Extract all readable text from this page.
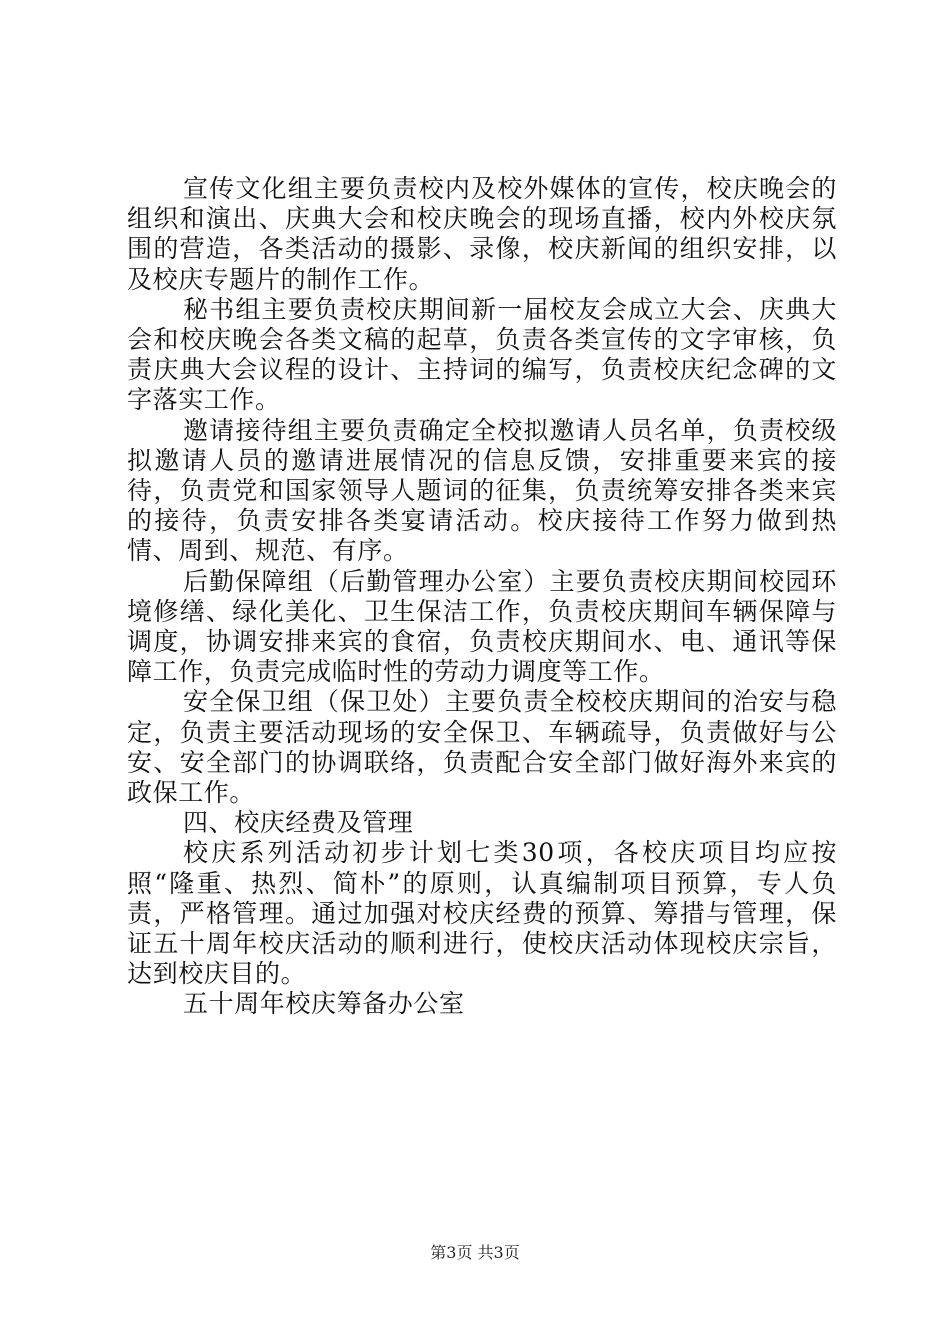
宣传文化组主要负责校内及校外媒体的宣传，校庆晚会的组织和演出、庆典大会和校庆晚会的现场直播，校内外校庆氛围的营造，各类活动的摄影、录像，校庆新闻的组织安排，以及校庆专题片的制作工作。

秘书组主要负责校庆期间新一届校友会成立大会、庆典大会和校庆晚会各类文稿的起草，负责各类宣传的文字审核，负责庆典大会议程的设计、主持词的编写，负责校庆纪念碑的文字落实工作。

邀请接待组主要负责确定全校拟邀请人员名单，负责校级拟邀请人员的邀请进展情况的信息反馈，安排重要来宾的接待，负责党和国家领导人题词的征集，负责统筹安排各类来宾的接待，负责安排各类宴请活动。校庆接待工作努力做到热情、周到、规范、有序。

后勤保障组（后勤管理办公室）主要负责校庆期间校园环境修缮、绿化美化、卫生保洁工作，负责校庆期间车辆保障与调度，协调安排来宾的食宿，负责校庆期间水、电、通讯等保障工作，负责完成临时性的劳动力调度等工作。

安全保卫组（保卫处）主要负责全校校庆期间的治安与稳定，负责主要活动现场的安全保卫、车辆疏导，负责做好与公安、安全部门的协调联络，负责配合安全部门做好海外来宾的政保工作。

四、校庆经费及管理

校庆系列活动初步计划七类30项，各校庆项目均应按照“隆重、热烈、简朴”的原则，认真编制项目预算，专人负责，严格管理。通过加强对校庆经费的预算、筹措与管理，保证五十周年校庆活动的顺利进行，使校庆活动体现校庆宗旨，达到校庆目的。

五十周年校庆筹备办公室

第3页 共3页
